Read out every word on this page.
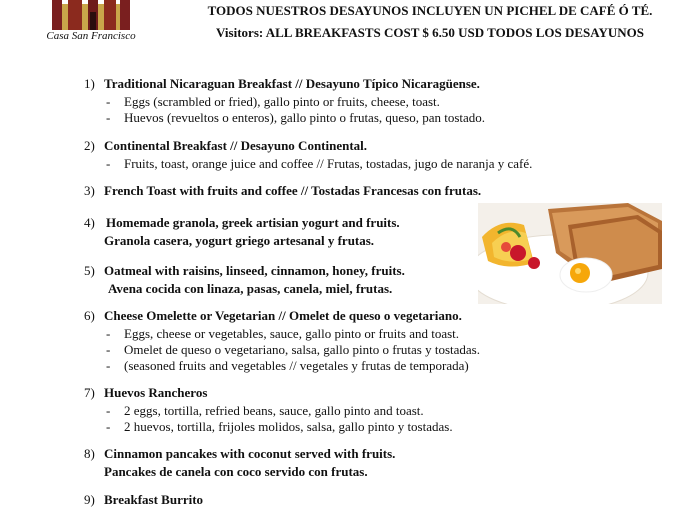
Casa San Francisco
TODOS NUESTROS DESAYUNOS INCLUYEN UN PICHEL DE CAFÉ Ó TÉ.
Visitors: ALL BREAKFASTS COST $ 6.50 USD TODOS LOS DESAYUNOS
1) Traditional Nicaraguan Breakfast // Desayuno Típico Nicaragüense.
- Eggs (scrambled or fried), gallo pinto or fruits, cheese, toast.
- Huevos (revueltos o enteros), gallo pinto o frutas, queso, pan tostado.
2) Continental Breakfast // Desayuno Continental.
- Fruits, toast, orange juice and coffee // Frutas, tostadas, jugo de naranja y café.
3) French Toast with fruits and coffee // Tostadas Francesas con frutas.
4) Homemade granola, greek artisian yogurt and fruits.
Granola casera, yogurt griego artesanal y frutas.
5) Oatmeal with raisins, linseed, cinnamon, honey, fruits.
Avena cocida con linaza, pasas, canela, miel, frutas.
6) Cheese Omelette or Vegetarian // Omelet de queso o vegetariano.
- Eggs, cheese or vegetables, sauce, gallo pinto or fruits and toast.
- Omelet de queso o vegetariano, salsa, gallo pinto o frutas y tostadas.
- (seasoned fruits and vegetables // vegetales y frutas de temporada)
7) Huevos Rancheros
- 2 eggs, tortilla, refried beans, sauce, gallo pinto and toast.
- 2 huevos, tortilla, frijoles molidos, salsa, gallo pinto y tostadas.
8) Cinnamon pancakes with coconut served with fruits.
Pancakes de canela con coco servido con frutas.
9) Breakfast Burrito
